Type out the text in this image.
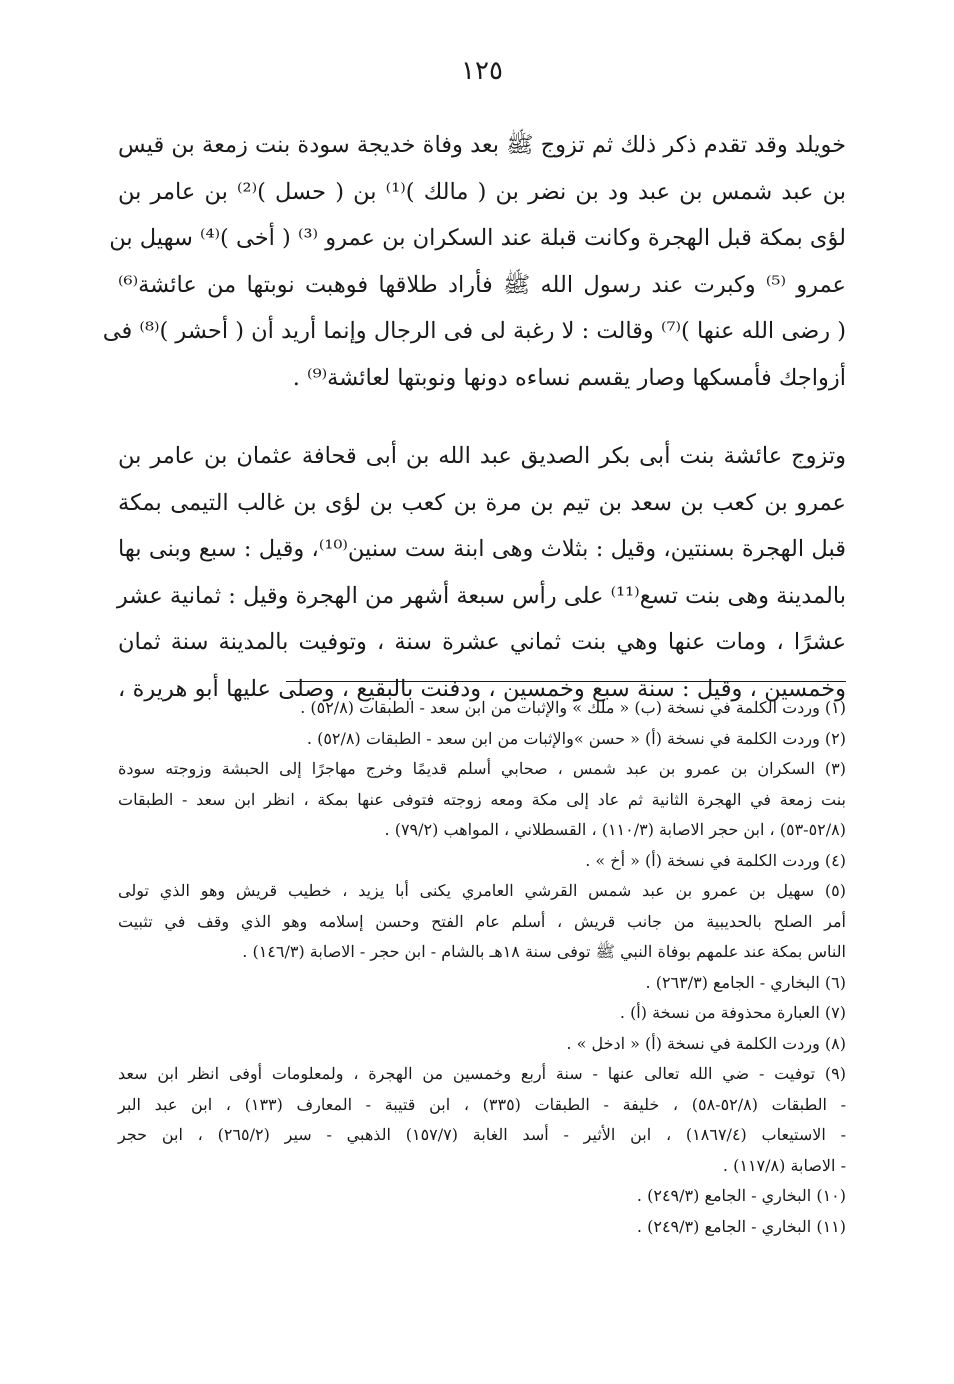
١٢٥

خويلد وقد تقدم ذكر ذلك ثم تزوج ﷺ بعد وفاة خديجة سودة بنت زمعة بن قيس
بن عبد شمس بن عبد ود بن نضر بن ( مالك )⁽¹⁾ بن ( حسل )⁽²⁾ بن عامر بن
لؤى بمكة قبل الهجرة وكانت قبلة عند السكران بن عمرو ⁽³⁾ ( أخى )⁽⁴⁾ سهيل بن
عمرو ⁽⁵⁾ وكبرت عند رسول الله ﷺ فأراد طلاقها فوهبت نوبتها من عائشة⁽⁶⁾
( رضى الله عنها )⁽⁷⁾ وقالت : لا رغبة لى فى الرجال وإنما أريد أن ( أحشر )⁽⁸⁾ فى
أزواجك فأمسكها وصار يقسم نساءه دونها ونوبتها لعائشة⁽⁹⁾ .

وتزوج عائشة بنت أبى بكر الصديق عبد الله بن أبى قحافة عثمان بن عامر بن
عمرو بن كعب بن سعد بن تيم بن مرة بن كعب بن لؤى بن غالب التيمى بمكة
قبل الهجرة بسنتين، وقيل : بثلاث وهى ابنة ست سنين⁽¹⁰⁾، وقيل : سبع وبنى بها
بالمدينة وهى بنت تسع⁽¹¹⁾ على رأس سبعة أشهر من الهجرة وقيل : ثمانية عشر
عشرًا ، ومات عنها وهي بنت ثماني عشرة سنة ، وتوفيت بالمدينة سنة ثمان
وخمسين ، وقيل : سنة سبع وخمسين ، ودفنت بالبقيع ، وصلى عليها أبو هريرة ،

(١) وردت الكلمة في نسخة (ب) « ملك » والإثبات من ابن سعد - الطبقات (٥٢/٨) .
(٢) وردت الكلمة في نسخة (أ) « حسن »والإثبات من ابن سعد - الطبقات (٥٢/٨) .
(٣) السكران بن عمرو بن عبد شمس ، صحابي أسلم قديمًا وخرج مهاجرًا إلى الحبشة وزوجته سودة
بنت زمعة في الهجرة الثانية ثم عاد إلى مكة ومعه زوجته فتوفى عنها بمكة ، انظر ابن سعد - الطبقات
(٥٢/٨-٥٣) ، ابن حجر الاصابة (١١٠/٣) ، القسطلاني ، المواهب (٧٩/٢) .
(٤) وردت الكلمة في نسخة (أ) « أخ » .
(٥) سهيل بن عمرو بن عبد شمس القرشي العامري يكنى أبا يزيد ، خطيب قريش وهو الذي تولى
أمر الصلح بالحديبية من جانب قريش ، أسلم عام الفتح وحسن إسلامه وهو الذي وقف في تثبيت
الناس بمكة عند علمهم بوفاة النبي ﷺ توفى سنة ١٨هـ بالشام - ابن حجر - الاصابة (١٤٦/٣) .
(٦) البخاري - الجامع (٢٦٣/٣) .
(٧) العبارة محذوفة من نسخة (أ) .
(٨) وردت الكلمة في نسخة (أ) « ادخل » .
(٩) توفيت - ضي الله تعالى عنها - سنة أربع وخمسين من الهجرة ، ولمعلومات أوفى انظر ابن سعد
- الطبقات (٥٢/٨-٥٨) ، خليفة - الطبقات (٣٣٥) ، ابن قتيبة - المعارف (١٣٣) ، ابن عبد البر
- الاستيعاب (١٨٦٧/٤) ، ابن الأثير - أسد الغابة (١٥٧/٧) الذهبي - سير (٢٦٥/٢) ، ابن حجر
- الاصابة (١١٧/٨) .
(١٠) البخاري - الجامع (٢٤٩/٣) .
(١١) البخاري - الجامع (٢٤٩/٣) .
